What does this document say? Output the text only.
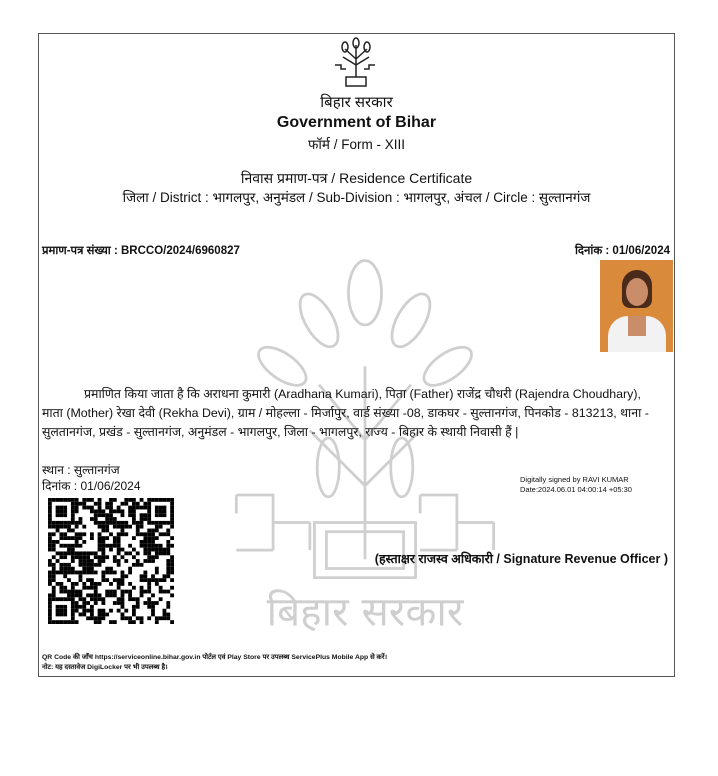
बिहार सरकार
बिहार सरकार
Government of Bihar
फॉर्म / Form - XIII
निवास प्रमाण-पत्र / Residence Certificate
जिला / District : भागलपुर, अनुमंडल / Sub-Division : भागलपुर, अंचल / Circle : सुल्तानगंज
प्रमाण-पत्र संख्या : BRCCO/2024/6960827	दिनांक : 01/06/2024
प्रमाणित किया जाता है कि अराधना कुमारी (Aradhana Kumari), पिता (Father) राजेंद्र चौधरी (Rajendra Choudhary),
माता (Mother) रेखा देवी (Rekha Devi), ग्राम / मोहल्ला - मिर्जापुर, वार्ड संख्या -08, डाकघर - सुल्तानगंज, पिनकोड - 813213, थाना -
सुलतानगंज, प्रखंड - सुल्तानगंज, अनुमंडल - भागलपुर, जिला - भागलपुर, राज्य - बिहार के स्थायी निवासी हैं |
स्थान : सुल्तानगंज
दिनांक : 01/06/2024	Digitally signed by RAVI KUMAR
Date:2024.06.01 04:00:14 +05:30
(हस्ताक्षर राजस्व अधिकारी / Signature Revenue Officer )
QR Code की जाँच https://serviceonline.bihar.gov.in पोर्टल एवं Play Store पर उपलब्ध ServicePlus Mobile App से करें।
नोट: यह दस्तावेज DigiLocker पर भी उपलब्ध है।
